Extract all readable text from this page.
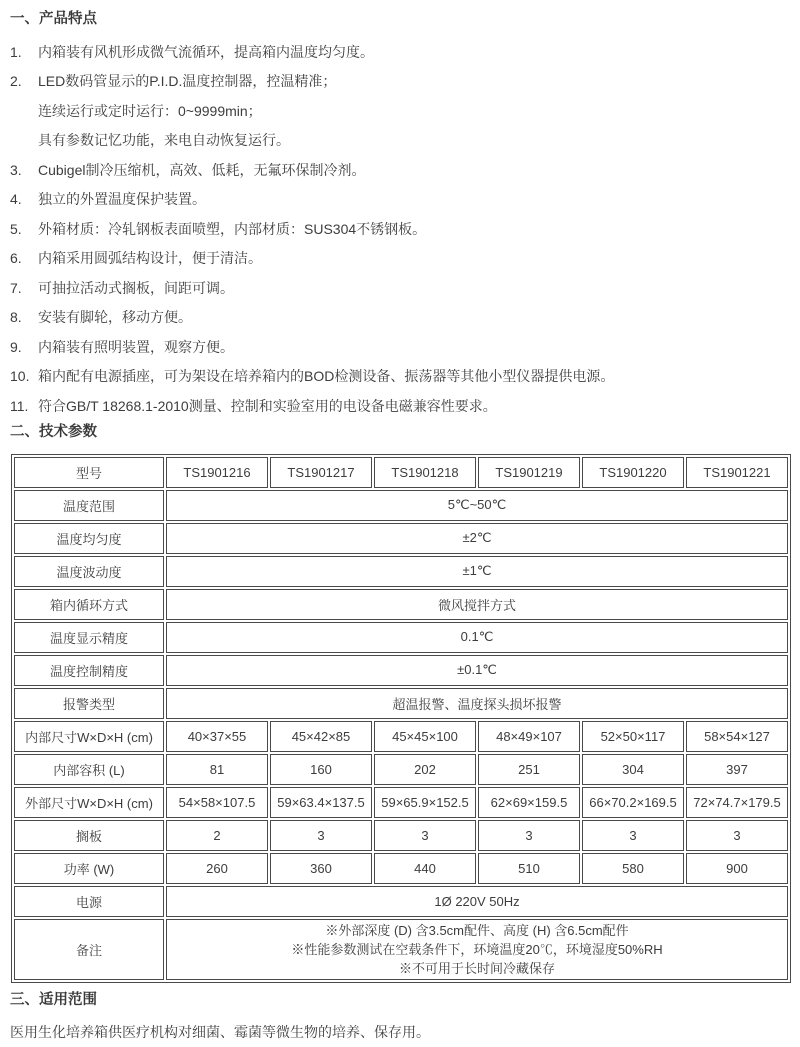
一、产品特点
1.	内箱装有风机形成微气流循环，提高箱内温度均匀度。
2.	LED数码管显示的P.I.D.温度控制器，控温精准；
连续运行或定时运行：0~9999min；
具有参数记忆功能，来电自动恢复运行。
3.	Cubigel制冷压缩机，高效、低耗，无氟环保制冷剂。
4.	独立的外置温度保护装置。
5.	外箱材质：冷轧钢板表面喷塑，内部材质：SUS304不锈钢板。
6.	内箱采用圆弧结构设计，便于清洁。
7.	可抽拉活动式搁板，间距可调。
8.	安装有脚轮，移动方便。
9.	内箱装有照明装置，观察方便。
10. 箱内配有电源插座，可为架设在培养箱内的BOD检测设备、振荡器等其他小型仪器提供电源。
11. 符合GB/T 18268.1-2010测量、控制和实验室用的电设备电磁兼容性要求。
二、技术参数
型号	TS1901216	TS1901217	TS1901218	TS1901219	TS1901220	TS1901221
温度范围	5℃~50℃					
温度均匀度	±2℃					
温度波动度	±1℃					
箱内循环方式	微风搅拌方式					
温度显示精度	0.1℃					
温度控制精度	±0.1℃					
报警类型	超温报警、温度探头损坏报警					
内部尺寸W×D×H (cm)	40×37×55	45×42×85	45×45×100	48×49×107	52×50×117	58×54×127
内部容积 (L)	81	160	202	251	304	397
外部尺寸W×D×H (cm)	54×58×107.5	59×63.4×137.5	59×65.9×152.5	62×69×159.5	66×70.2×169.5	72×74.7×179.5
搁板	2	3	3	3	3	3
功率 (W)	260	360	440	510	580	900
电源	1Ø 220V 50Hz					
备注	※外部深度 (D) 含3.5cm配件、高度 (H) 含6.5cm配件
※性能参数测试在空载条件下，环境温度20℃，环境湿度50%RH
※不可用于长时间冷藏保存					
三、适用范围
医用生化培养箱供医疗机构对细菌、霉菌等微生物的培养、保存用。
